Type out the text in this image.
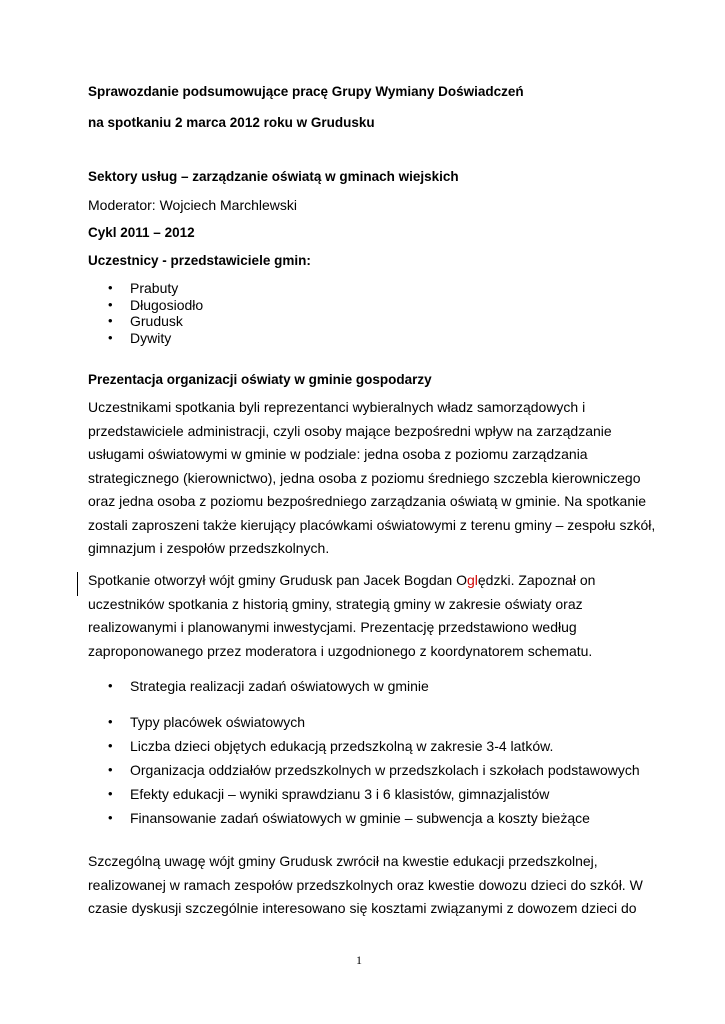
Sprawozdanie podsumowujące pracę Grupy Wymiany Doświadczeń

na spotkaniu 2 marca 2012 roku w Grudusku

Sektory usług – zarządzanie oświatą w gminach wiejskich

Moderator: Wojciech Marchlewski

Cykl 2011 – 2012

Uczestnicy - przedstawiciele gmin:

• Prabuty
• Długosiodło
• Grudusk
• Dywity

Prezentacja organizacji oświaty w gminie gospodarzy

Uczestnikami spotkania byli reprezentanci wybieralnych władz samorządowych i
przedstawiciele administracji, czyli osoby mające bezpośredni wpływ na zarządzanie
usługami oświatowymi w gminie w podziale: jedna osoba z poziomu zarządzania
strategicznego (kierownictwo), jedna osoba z poziomu średniego szczebla kierowniczego
oraz jedna osoba z poziomu bezpośredniego zarządzania oświatą w gminie. Na spotkanie
zostali zaproszeni także kierujący placówkami oświatowymi z terenu gminy – zespołu szkół,
gimnazjum i zespołów przedszkolnych.
Spotkanie otworzył wójt gminy Grudusk pan Jacek Bogdan Oględzki. Zapoznał on
uczestników spotkania z historią gminy, strategią gminy w zakresie oświaty oraz
realizowanymi i planowanymi inwestycjami. Prezentację przedstawiono według
zaproponowanego przez moderatora i uzgodnionego z koordynatorem schematu.
• Strategia realizacji zadań oświatowych w gminie
• Typy placówek oświatowych
• Liczba dzieci objętych edukacją przedszkolną w zakresie 3-4 latków.
• Organizacja oddziałów przedszkolnych w przedszkolach i szkołach podstawowych
• Efekty edukacji – wyniki sprawdzianu 3 i 6 klasistów, gimnazjalistów
• Finansowanie zadań oświatowych w gminie – subwencja a koszty bieżące
Szczególną uwagę wójt gminy Grudusk zwrócił na kwestie edukacji przedszkolnej,
realizowanej w ramach zespołów przedszkolnych oraz kwestie dowozu dzieci do szkół. W
czasie dyskusji szczególnie interesowano się kosztami związanymi z dowozem dzieci do
1
